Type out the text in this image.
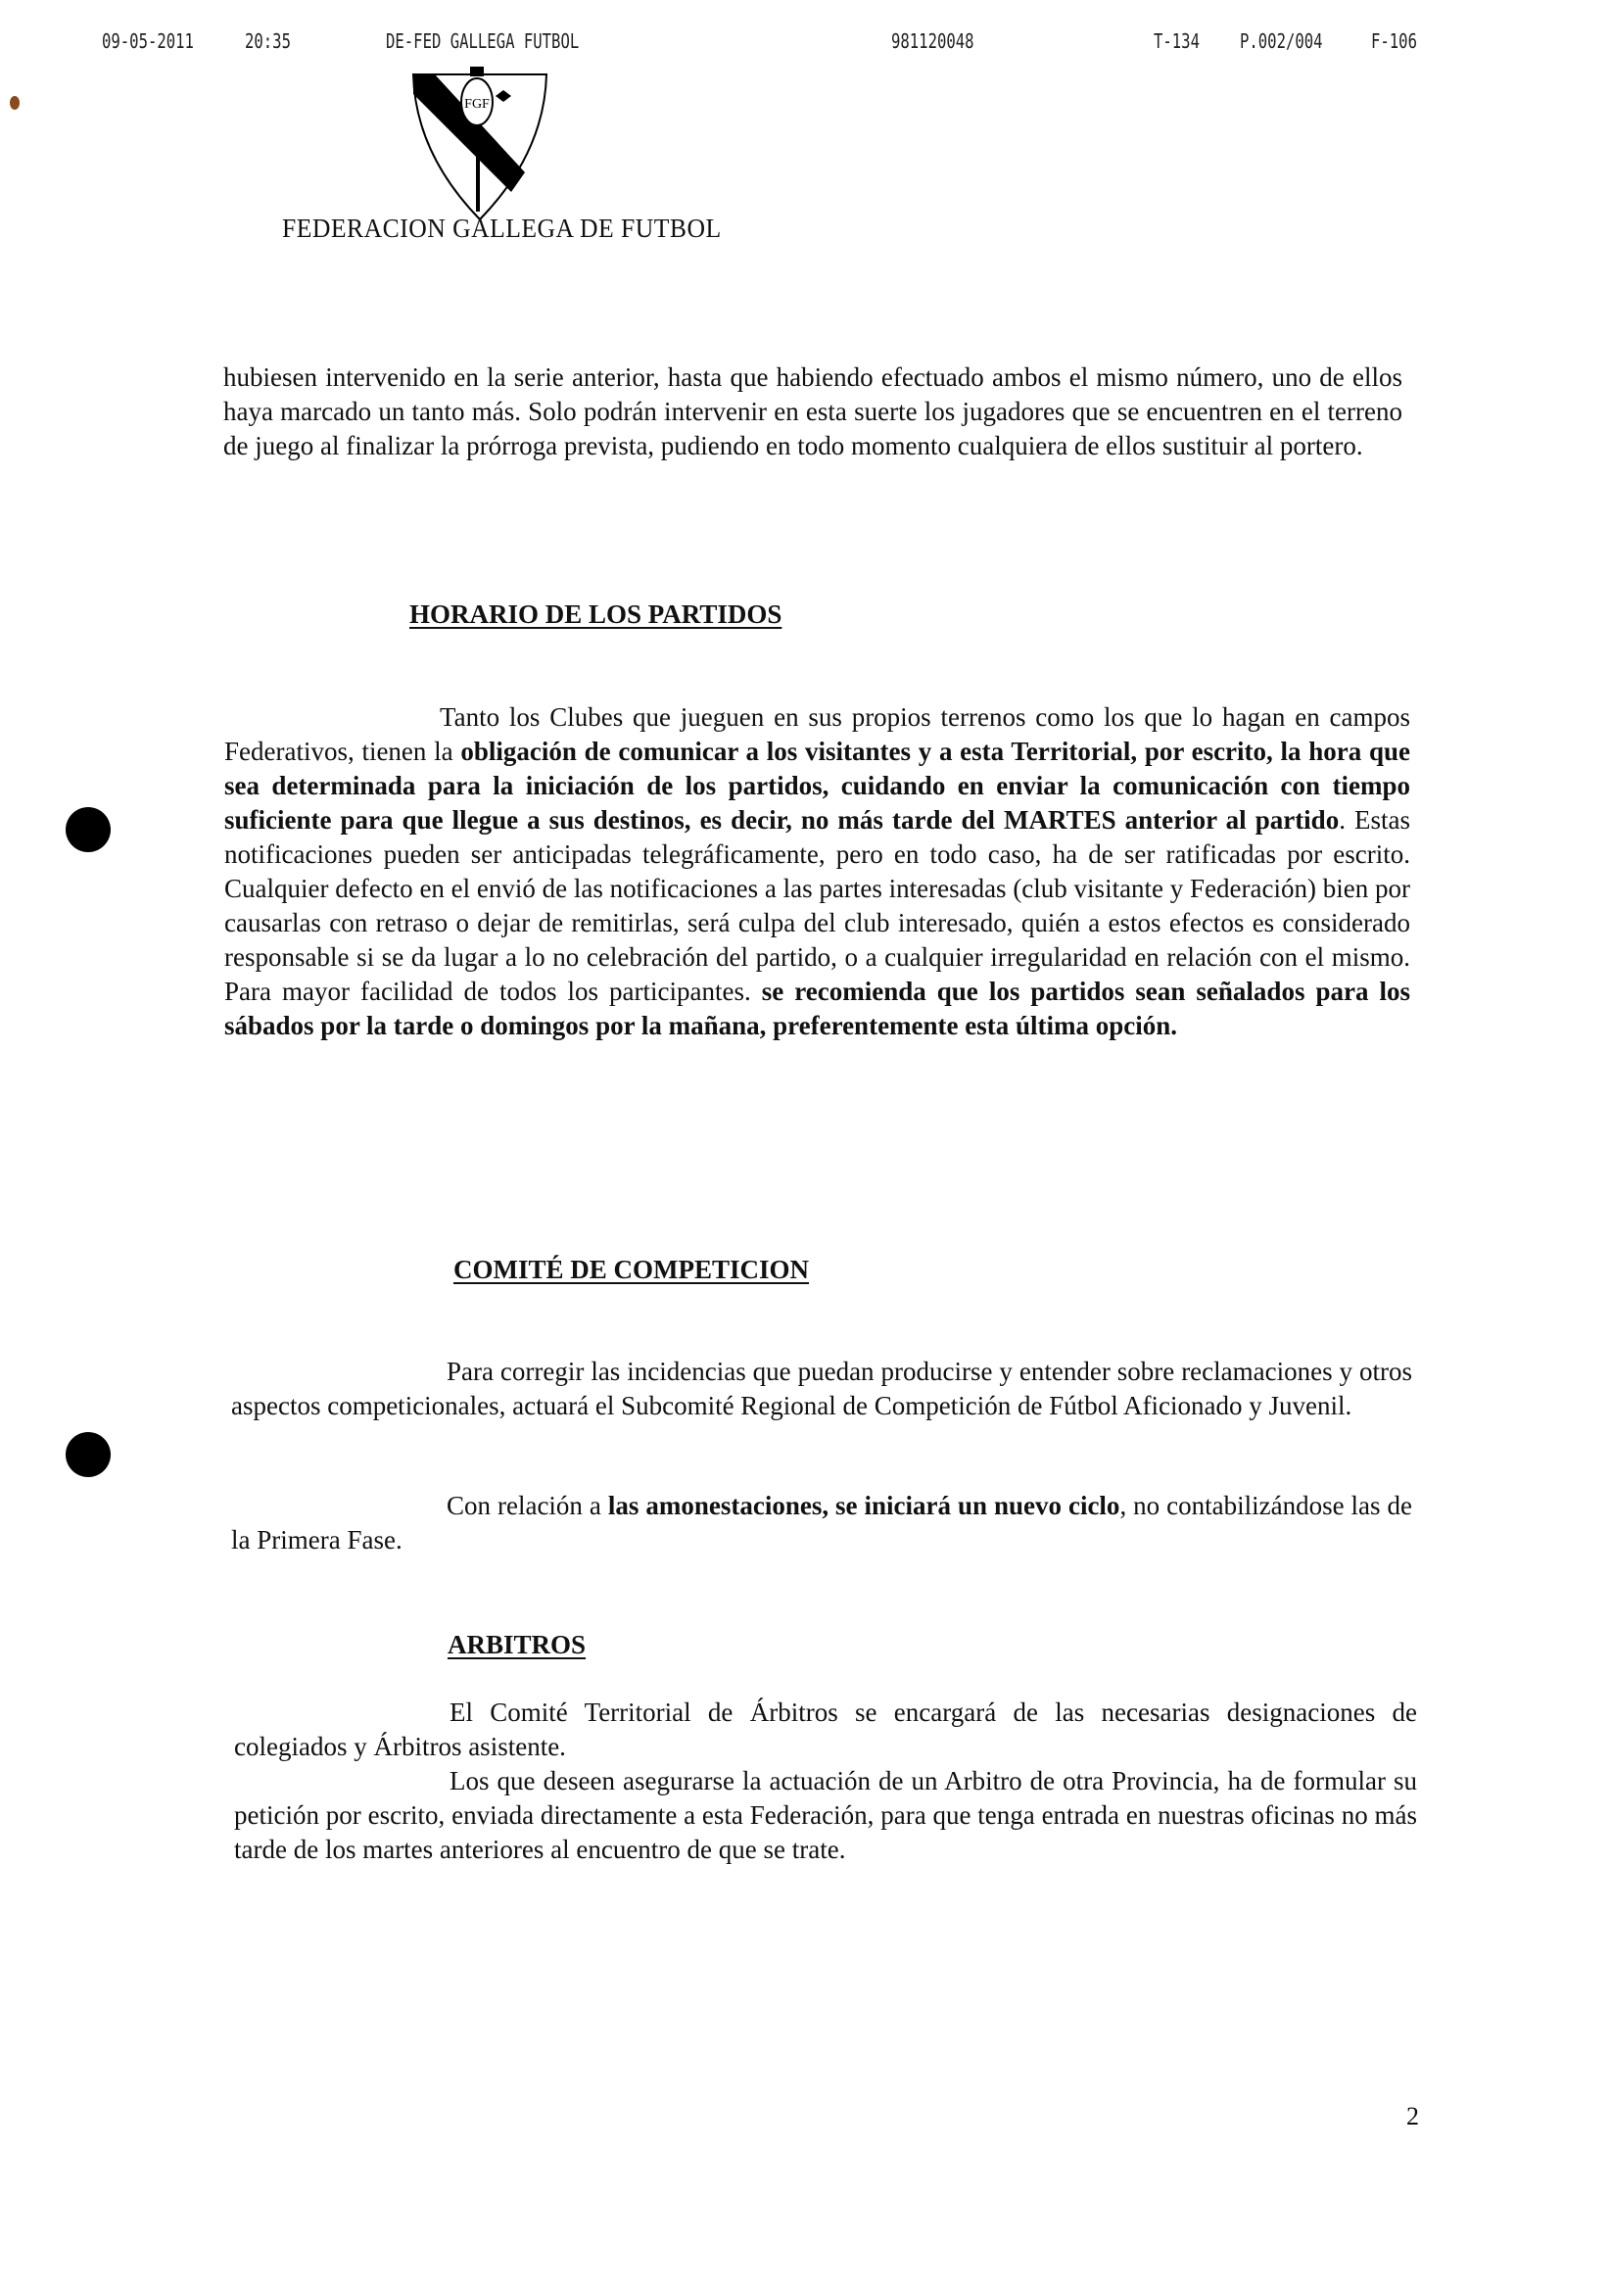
09-05-2011	20:35	DE-FED GALLEGA FUTBOL	981120048	T-134 P.002/004 F-106
FGF
FEDERACION GALLEGA DE FUTBOL
hubiesen intervenido en la serie anterior, hasta que habiendo efectuado ambos el mismo número, uno de ellos haya marcado un tanto más. Solo podrán intervenir en esta suerte los jugadores que se encuentren en el terreno de juego al finalizar la prórroga prevista, pudiendo en todo momento cualquiera de ellos sustituir al portero.
HORARIO DE LOS PARTIDOS
Tanto los Clubes que jueguen en sus propios terrenos como los que lo hagan en campos Federativos, tienen la obligación de comunicar a los visitantes y a esta Territorial, por escrito, la hora que sea determinada para la iniciación de los partidos, cuidando en enviar la comunicación con tiempo suficiente para que llegue a sus destinos, es decir, no más tarde del MARTES anterior al partido. Estas notificaciones pueden ser anticipadas telegráficamente, pero en todo caso, ha de ser ratificadas por escrito. Cualquier defecto en el envió de las notificaciones a las partes interesadas (club visitante y Federación) bien por causarlas con retraso o dejar de remitirlas, será culpa del club interesado, quién a estos efectos es considerado responsable si se da lugar a lo no celebración del partido, o a cualquier irregularidad en relación con el mismo. Para mayor facilidad de todos los participantes. se recomienda que los partidos sean señalados para los sábados por la tarde o domingos por la mañana, preferentemente esta última opción.
COMITÉ DE COMPETICION
Para corregir las incidencias que puedan producirse y entender sobre reclamaciones y otros aspectos competicionales, actuará el Subcomité Regional de Competición de Fútbol Aficionado y Juvenil.
Con relación a las amonestaciones, se iniciará un nuevo ciclo, no contabilizándose las de la Primera Fase.
ARBITROS
El Comité Territorial de Árbitros se encargará de las necesarias designaciones de colegiados y Árbitros asistente.
Los que deseen asegurarse la actuación de un Arbitro de otra Provincia, ha de formular su petición por escrito, enviada directamente a esta Federación, para que tenga entrada en nuestras oficinas no más tarde de los martes anteriores al encuentro de que se trate.
2
